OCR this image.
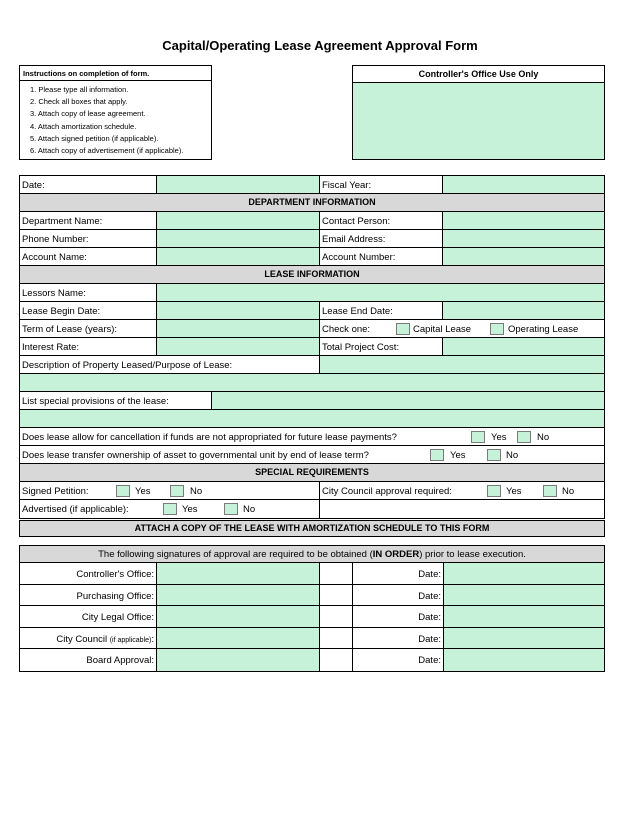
Capital/Operating Lease Agreement Approval Form
Instructions on completion of form.
1. Please type all information.
2. Check all boxes that apply.
3. Attach copy of lease agreement.
4. Attach amortization schedule.
5. Attach signed petition (if applicable).
6. Attach copy of advertisement (if applicable).
Controller's Office Use Only
Date:	Fiscal Year:
DEPARTMENT INFORMATION
Department Name:	Contact Person:
Phone Number:	Email Address:
Account Name:	Account Number:
LEASE INFORMATION
Lessors Name:
Lease Begin Date:	Lease End Date:
Term of Lease (years):	Check one:	Capital Lease	Operating Lease
Interest Rate:	Total Project Cost:
Description of Property Leased/Purpose of Lease:
List special provisions of the lease:
Does lease allow for cancellation if funds are not appropriated for future lease payments?	Yes	No
Does lease transfer ownership of asset to governmental unit by end of lease term?	Yes	No
SPECIAL REQUIREMENTS
Signed Petition:	Yes	No	City Council approval required:	Yes	No
Advertised (if applicable):	Yes	No
ATTACH A COPY OF THE LEASE WITH AMORTIZATION SCHEDULE TO THIS FORM
The following signatures of approval are required to be obtained (IN ORDER) prior to lease execution.
Controller's Office:	Date:
Purchasing Office:	Date:
City Legal Office:	Date:
City Council (if applicable):	Date:
Board Approval:	Date:
